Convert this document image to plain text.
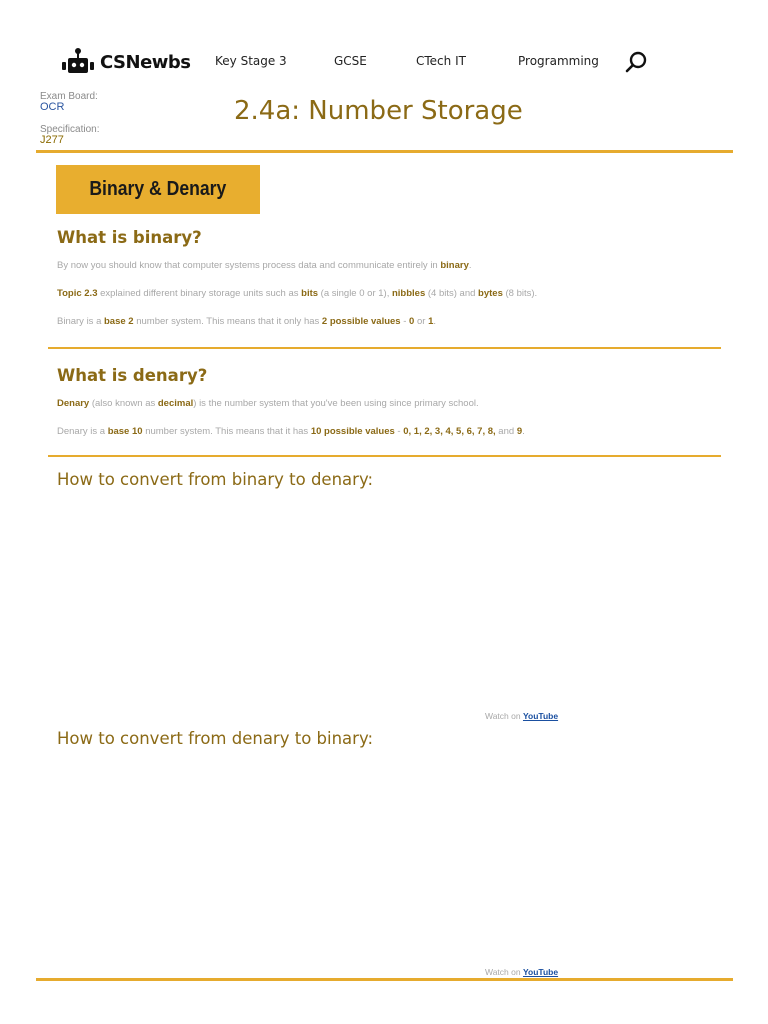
CSNewbs Key Stage 3	GCSE	CTech IT	Programming
Exam Board:
OCR
Specification:
J277
2.4a: Number Storage
Binary & Denary
What is binary?
By now you should know that computer systems process data and communicate entirely in binary.
Topic 2.3 explained different binary storage units such as bits (a single 0 or 1), nibbles (4 bits) and bytes (8 bits).
Binary is a base 2 number system. This means that it only has 2 possible values - 0 or 1.
What is denary?
Denary (also known as decimal) is the number system that you've been using since primary school.
Denary is a base 10 number system. This means that it has 10 possible values - 0, 1, 2, 3, 4, 5, 6, 7, 8, and 9.
How to convert from binary to denary:
Watch on YouTube
How to convert from denary to binary:
Watch on YouTube
